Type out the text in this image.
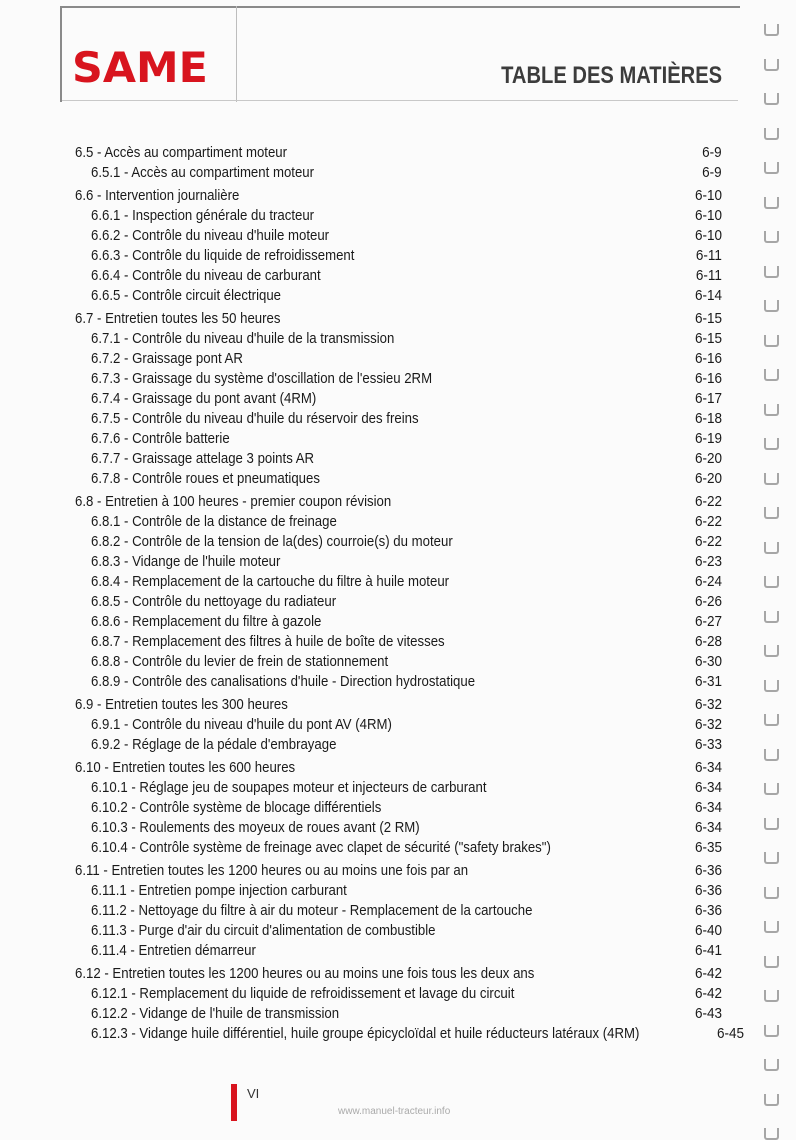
SAME	TABLE DES MATIÈRES
6.5 - Accès au compartiment moteur	6-9
6.5.1 - Accès au compartiment moteur	6-9
6.6 - Intervention journalière	6-10
6.6.1 - Inspection générale du tracteur	6-10
6.6.2 - Contrôle du niveau d'huile moteur	6-10
6.6.3 - Contrôle du liquide de refroidissement	6-11
6.6.4 - Contrôle du niveau de carburant	6-11
6.6.5 - Contrôle circuit électrique	6-14
6.7 - Entretien toutes les 50 heures	6-15
6.7.1 - Contrôle du niveau d'huile de la transmission	6-15
6.7.2 - Graissage pont AR	6-16
6.7.3 - Graissage du système d'oscillation de l'essieu 2RM	6-16
6.7.4 - Graissage du pont avant (4RM)	6-17
6.7.5 - Contrôle du niveau d'huile du réservoir des freins	6-18
6.7.6 - Contrôle batterie	6-19
6.7.7 - Graissage attelage 3 points AR	6-20
6.7.8 - Contrôle roues et pneumatiques	6-20
6.8 - Entretien à 100 heures - premier coupon révision	6-22
6.8.1 - Contrôle de la distance de freinage	6-22
6.8.2 - Contrôle de la tension de la(des) courroie(s) du moteur	6-22
6.8.3 - Vidange de l'huile moteur	6-23
6.8.4 - Remplacement de la cartouche du filtre à huile moteur	6-24
6.8.5 - Contrôle du nettoyage du radiateur	6-26
6.8.6 - Remplacement du filtre à gazole	6-27
6.8.7 - Remplacement des filtres à huile de boîte de vitesses	6-28
6.8.8 - Contrôle du levier de frein de stationnement	6-30
6.8.9 - Contrôle des canalisations d'huile - Direction hydrostatique	6-31
6.9 - Entretien toutes les 300 heures	6-32
6.9.1 - Contrôle du niveau d'huile du pont AV (4RM)	6-32
6.9.2 - Réglage de la pédale d'embrayage	6-33
6.10 - Entretien toutes les 600 heures	6-34
6.10.1 - Réglage jeu de soupapes moteur et injecteurs de carburant	6-34
6.10.2 - Contrôle système de blocage différentiels	6-34
6.10.3 - Roulements des moyeux de roues avant (2 RM)	6-34
6.10.4 - Contrôle système de freinage avec clapet de sécurité ("safety brakes")	6-35
6.11 - Entretien toutes les 1200 heures ou au moins une fois par an	6-36
6.11.1 - Entretien pompe injection carburant	6-36
6.11.2 - Nettoyage du filtre à air du moteur - Remplacement de la cartouche	6-36
6.11.3 - Purge d'air du circuit d'alimentation de combustible	6-40
6.11.4 - Entretien démarreur	6-41
6.12 - Entretien toutes les 1200 heures ou au moins une fois tous les deux ans	6-42
6.12.1 - Remplacement du liquide de refroidissement et lavage du circuit	6-42
6.12.2 - Vidange de l'huile de transmission	6-43
6.12.3 - Vidange huile différentiel, huile groupe épicycloïdal et huile réducteurs latéraux (4RM)	6-45
VI
www.manuel-tracteur.info
